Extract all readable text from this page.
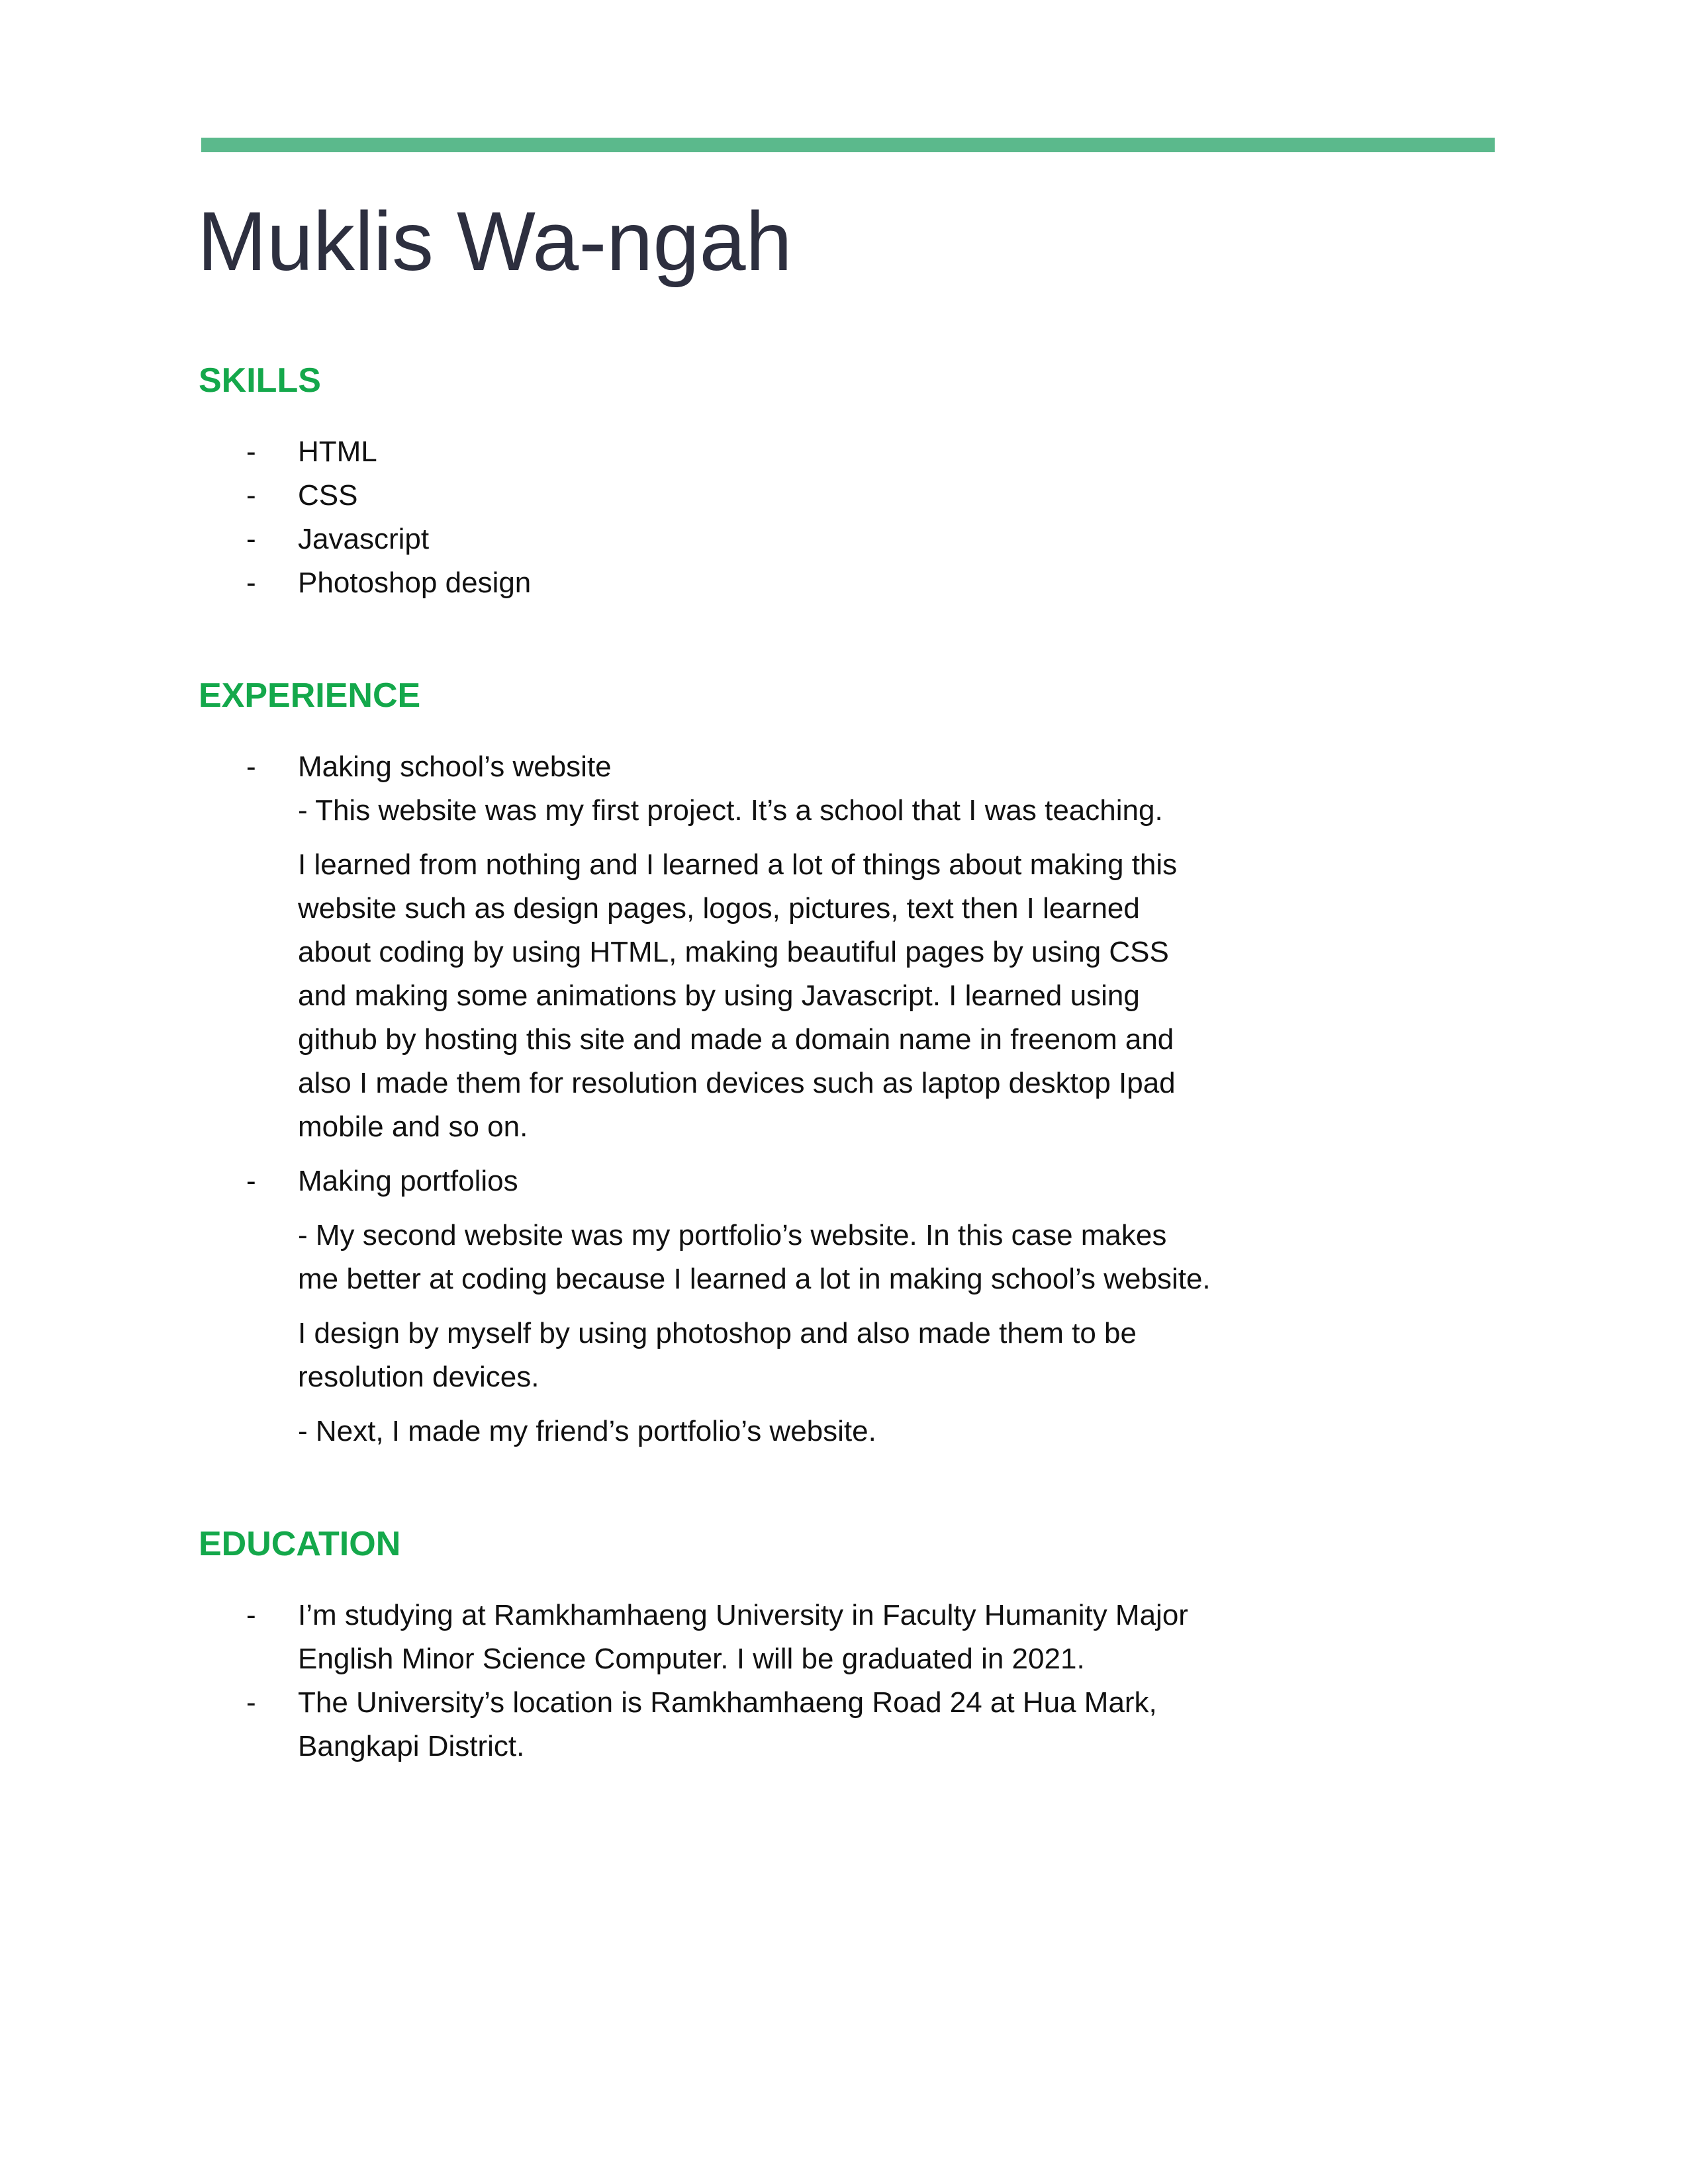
Muklis Wa-ngah
SKILLS
- HTML
- CSS
- Javascript
- Photoshop design
EXPERIENCE
- Making school’s website
- This website was my first project. It’s a school that I was teaching.
I learned from nothing and I learned a lot of things about making this
website such as design pages, logos, pictures, text then I learned
about coding by using HTML, making beautiful pages by using CSS
and making some animations by using Javascript. I learned using
github by hosting this site and made a domain name in freenom and
also I made them for resolution devices such as laptop desktop Ipad
mobile and so on.
- Making portfolios
- My second website was my portfolio’s website. In this case makes
me better at coding because I learned a lot in making school’s website.
I design by myself by using photoshop and also made them to be
resolution devices.
- Next, I made my friend’s portfolio’s website.
EDUCATION
- I’m studying at Ramkhamhaeng University in Faculty Humanity Major
English Minor Science Computer. I will be graduated in 2021.
- The University’s location is Ramkhamhaeng Road 24 at Hua Mark,
Bangkapi District.
